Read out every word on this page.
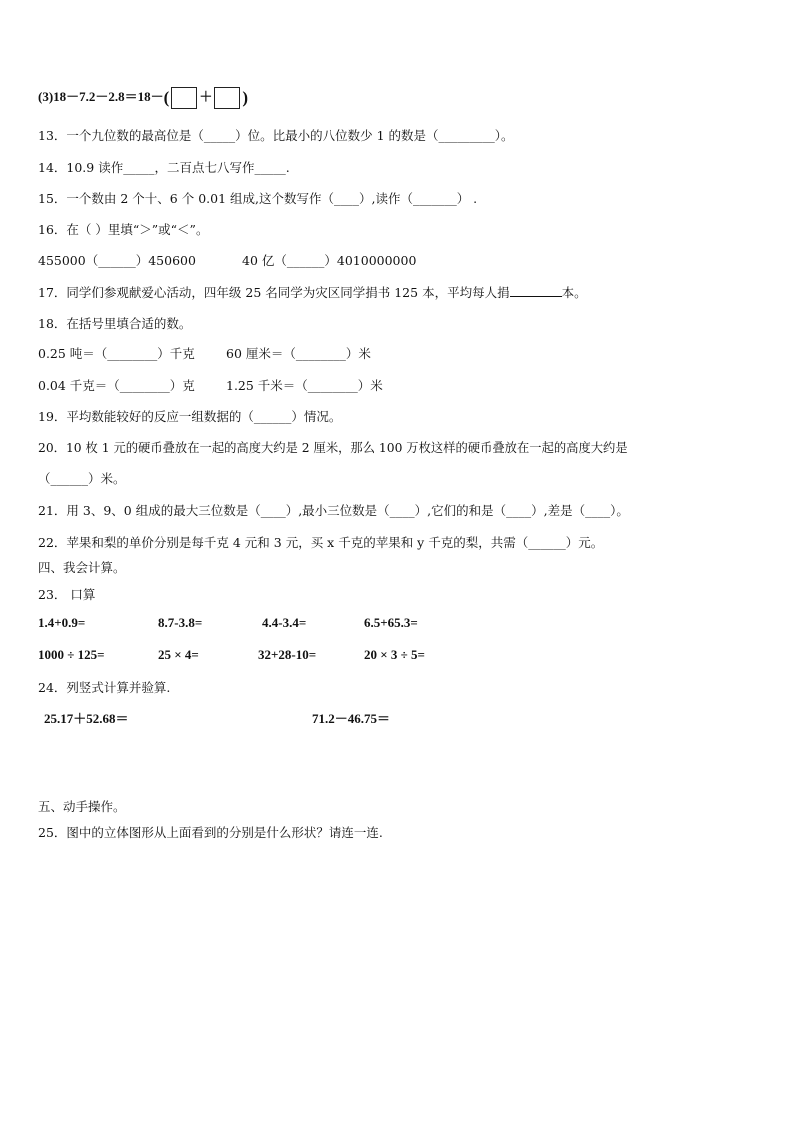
(3)18－7.2－2.8＝18－( ＋ )
13．一个九位数的最高位是（_____）位。比最小的八位数少 1 的数是（_________）。
14．10.9 读作_____，二百点七八写作_____.
15．一个数由 2 个十、6 个 0.01 组成,这个数写作（____）,读作（_______） .
16．在（ ）里填“＞”或“＜”。
455000（______）450600	40 亿（______）4010000000
17．同学们参观献爱心活动，四年级 25 名同学为灾区同学捐书 125 本，平均每人捐	本。
18．在括号里填合适的数。
0.25 吨＝（________）千克 60 厘米＝（________）米
0.04 千克＝（________）克 1.25 千米＝（________）米
19．平均数能较好的反应一组数据的（______）情况。
20．10 枚 1 元的硬币叠放在一起的高度大约是 2 厘米，那么 100 万枚这样的硬币叠放在一起的高度大约是
（______）米。
21．用 3、9、0 组成的最大三位数是（____）,最小三位数是（____）,它们的和是（____）,差是（____）。
22．苹果和梨的单价分别是每千克 4 元和 3 元，买 x 千克的苹果和 y 千克的梨，共需（______）元。
四、我会计算。
23． 口算
1.4+0.9=	8.7-3.8=	4.4-3.4=	6.5+65.3=
1000 ÷ 125=	25 × 4=	32+28-10=	20 × 3 ÷ 5=
24．列竖式计算并验算.
25.17＋52.68＝	71.2－46.75＝
五、动手操作。
25．图中的立体图形从上面看到的分别是什么形状？请连一连.
